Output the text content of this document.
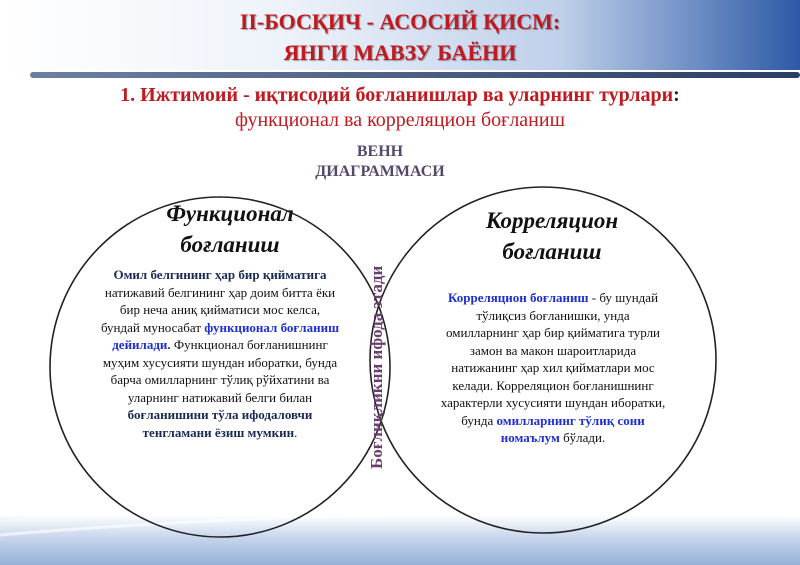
II-БОСҚИЧ - АСОСИЙ ҚИСМ:
ЯНГИ МАВЗУ БАЁНИ
1. Ижтимоий - иқтисодий боғланишлар ва уларнинг турлари:
функционал ва корреляцион боғланиш
ВЕНН
ДИАГРАММАСИ
Функционал
боғланиш
Корреляцион
боғланиш
Омил белгининг ҳар бир қийматига натижавий белгининг ҳар доим битта ёки бир неча аниқ қийматиси мос келса, бундай муносабат функционал боғланиш дейилади. Функционал боғланишнинг муҳим хусусияти шундан иборатки, бунда барча омилларнинг тўлиқ рўйхатини ва уларнинг натижавий белги билан боғланишини тўла ифодаловчи тенгламани ёзиш мумкин.
Корреляцион боғланиш - бу шундай тўлиқсиз боғланишки, унда омилларнинг ҳар бир қийматига турли замон ва макон шароитларида натижанинг ҳар хил қийматлари мос келади. Корреляцион боғланишнинг характерли хусусияти шундан иборатки, бунда омилларнинг тўлиқ сони номаълум бўлади.
Боғлиқликни ифода этади
